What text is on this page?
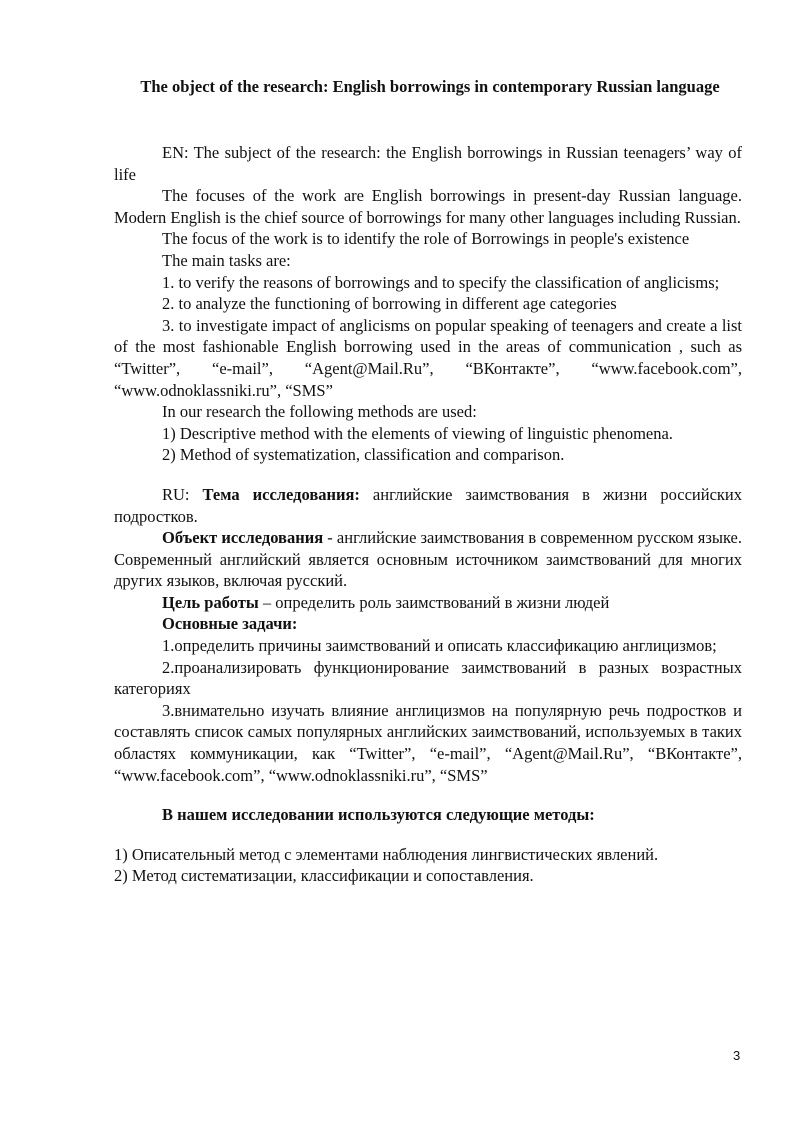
The object of the research: English borrowings in contemporary Russian language

EN: The subject of the research: the English borrowings in Russian teenagers’ way of life

The focuses of the work are English borrowings in present-day Russian language. Modern English is the chief source of borrowings for many other languages including Russian.

The focus of the work is to identify the role of Borrowings in people's existence

The main tasks are:

1. to verify the reasons of borrowings and to specify the classification of anglicisms;

2. to analyze the functioning of borrowing in different age categories

3. to investigate impact of anglicisms on popular speaking of teenagers and create a list of the most fashionable English borrowing used in the areas of communication , such as “Twitter”, “e-mail”, “Agent@Mail.Ru”, “ВКонтакте”, “www.facebook.com”, “www.odnoklassniki.ru”, “SMS”

In our research the following methods are used:

1) Descriptive method with the elements of viewing of linguistic phenomena.

2) Method of systematization, classification and comparison.

RU: Тема исследования: английские заимствования в жизни российских подростков.

Объект исследования - английские заимствования в современном русском языке. Современный английский является основным источником заимствований для многих других языков, включая русский.

Цель работы – определить роль заимствований в жизни людей

Основные задачи:

1.определить причины заимствований и описать классификацию англицизмов;

2.проанализировать функционирование заимствований в разных возрастных категориях

3.внимательно изучать влияние англицизмов на популярную речь подростков и составлять список самых популярных английских заимствований, используемых в таких областях коммуникации, как “Twitter”, “e-mail”, “Agent@Mail.Ru”, “ВКонтакте”, “www.facebook.com”, “www.odnoklassniki.ru”, “SMS”

В нашем исследовании используются следующие методы:

1) Описательный метод с элементами наблюдения лингвистических явлений.

2) Метод систематизации, классификации и сопоставления.

3
